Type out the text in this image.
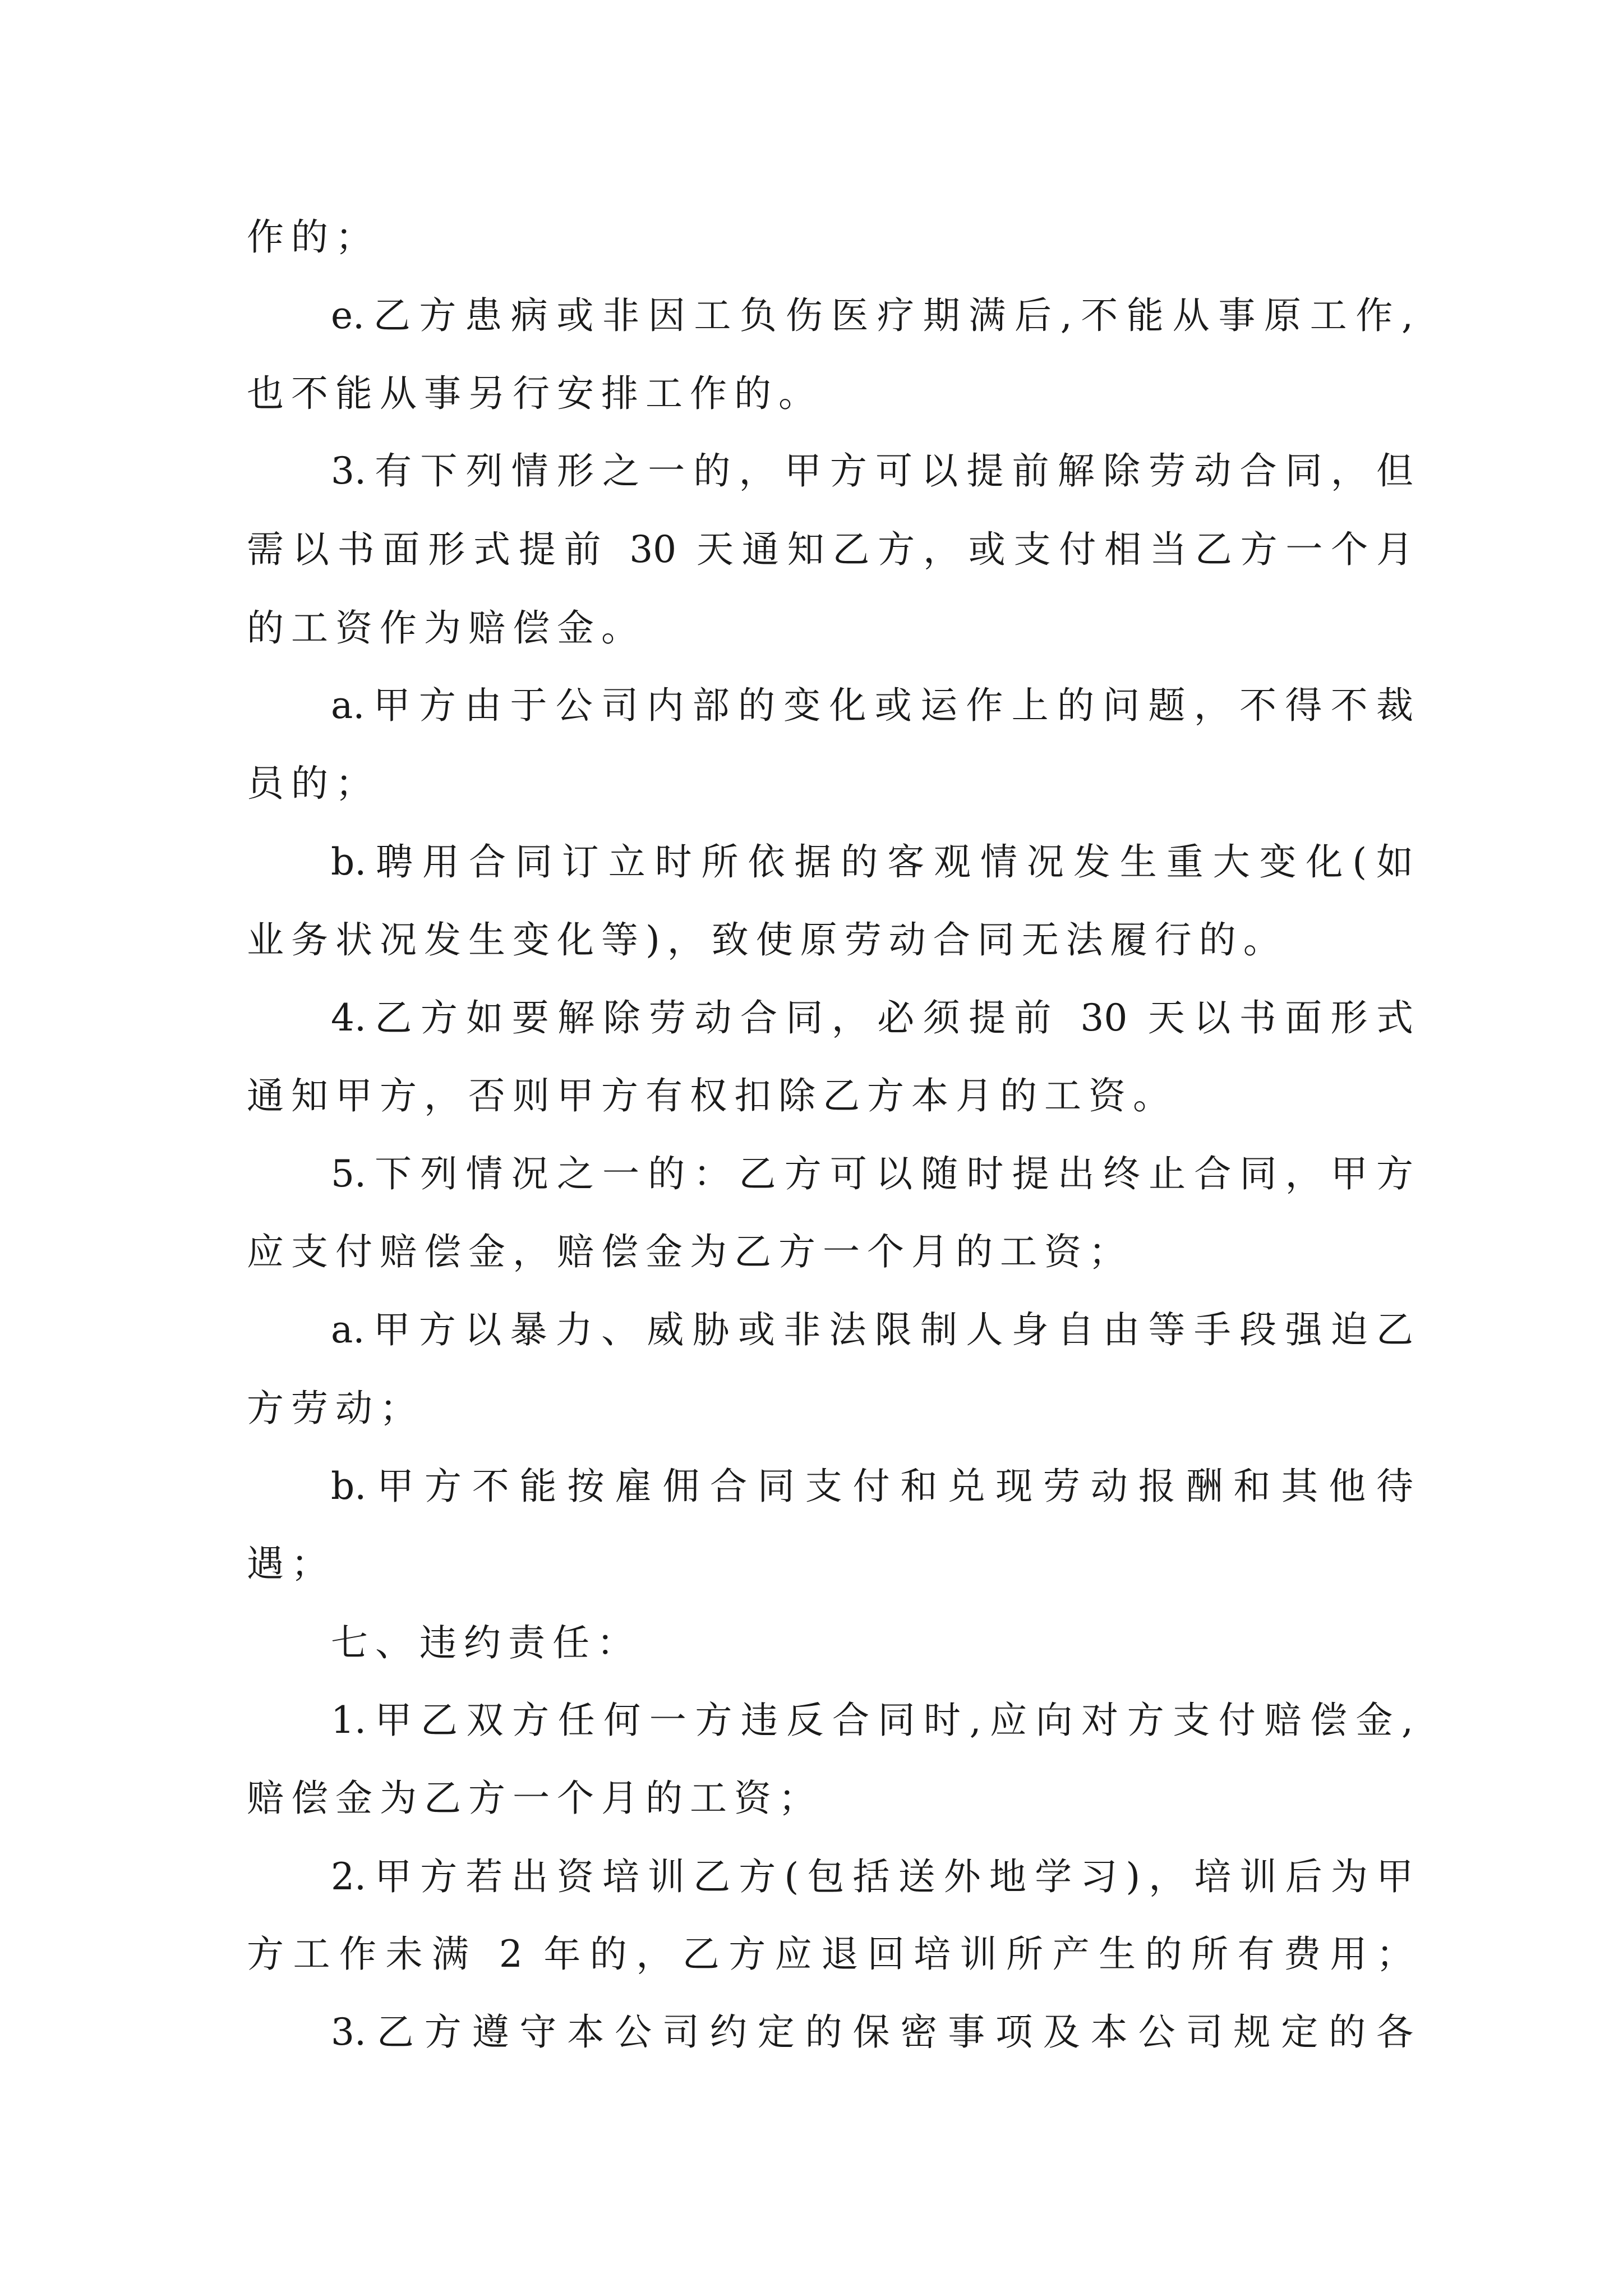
作的；
e.乙方患病或非因工负伤医疗期满后,不能从事原工作,
也不能从事另行安排工作的。
3.有下列情形之一的，甲方可以提前解除劳动合同，但
需以书面形式提前 30 天通知乙方，或支付相当乙方一个月
的工资作为赔偿金。
a.甲方由于公司内部的变化或运作上的问题，不得不裁
员的；
b.聘用合同订立时所依据的客观情况发生重大变化(如
业务状况发生变化等)，致使原劳动合同无法履行的。
4.乙方如要解除劳动合同，必须提前 30 天以书面形式
通知甲方，否则甲方有权扣除乙方本月的工资。
5.下列情况之一的：乙方可以随时提出终止合同，甲方
应支付赔偿金，赔偿金为乙方一个月的工资；
a.甲方以暴力、威胁或非法限制人身自由等手段强迫乙
方劳动；
b.甲方不能按雇佣合同支付和兑现劳动报酬和其他待
遇；
七、违约责任：
1.甲乙双方任何一方违反合同时,应向对方支付赔偿金,
赔偿金为乙方一个月的工资；
2.甲方若出资培训乙方(包括送外地学习)，培训后为甲
方工作未满 2 年的，乙方应退回培训所产生的所有费用；
3.乙方遵守本公司约定的保密事项及本公司规定的各
